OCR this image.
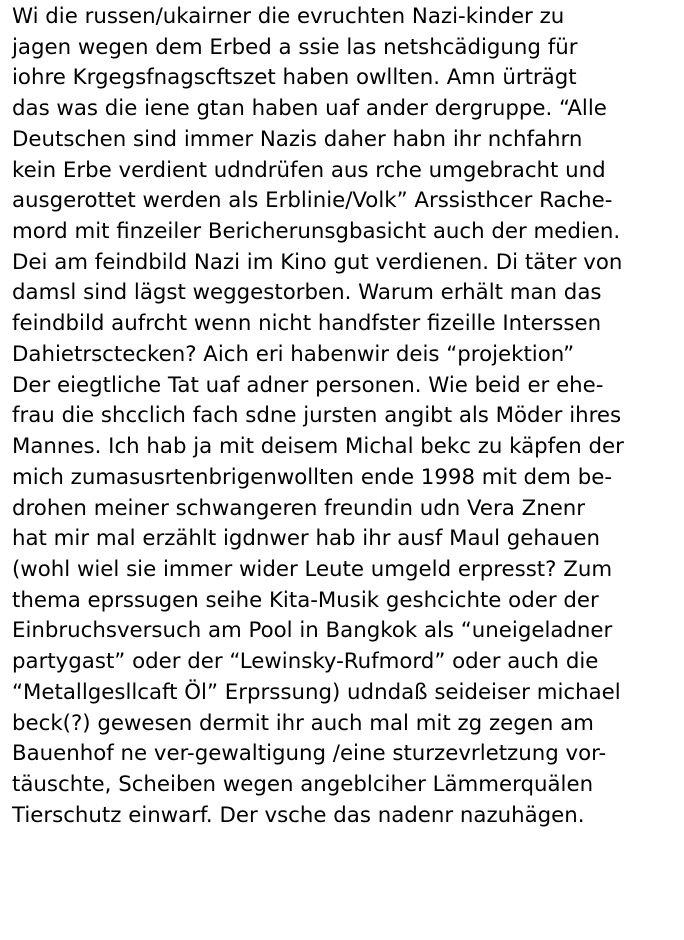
Wi die russen/ukairner die evruchten Nazi-kinder zu
jagen wegen dem Erbed a ssie las netshcädigung für
iohre Krgegsfnagscftszet haben owllten. Amn ürträgt
das was die iene gtan haben uaf ander dergruppe. “Alle
Deutschen sind immer Nazis daher habn ihr nchfahrn
kein Erbe verdient udndrüfen aus rche umgebracht und
ausgerottet werden als Erblinie/Volk” Arssisthcer Rache-
mord mit finzeiler Bericherunsgbasicht auch der medien.
Dei am feindbild Nazi im Kino gut verdienen. Di täter von
damsl sind lägst weggestorben. Warum erhält man das
feindbild aufrcht wenn nicht handfster fizeille Interssen
Dahietrsctecken? Aich eri habenwir deis “projektion”
Der eiegtliche Tat uaf adner personen. Wie beid er ehe-
frau die shcclich fach sdne jursten angibt als Möder ihres
Mannes. Ich hab ja mit deisem Michal bekc zu käpfen der
mich zumasusrtenbrigenwollten ende 1998 mit dem be-
drohen meiner schwangeren freundin udn Vera Znenr
hat mir mal erzählt igdnwer hab ihr ausf Maul gehauen
(wohl wiel sie immer wider Leute umgeld erpresst? Zum
thema eprssugen seihe Kita-Musik geshcichte oder der
Einbruchsversuch am Pool in Bangkok als “uneigeladner
partygast” oder der “Lewinsky-Rufmord” oder auch die
“Metallgesllcaft Öl” Erprssung) udndaß seideiser michael
beck(?) gewesen dermit ihr auch mal mit zg zegen am
Bauenhof ne ver-gewaltigung /eine sturzevrletzung vor-
täuschte, Scheiben wegen angeblciher Lämmerquälen
Tierschutz einwarf. Der vsche das nadenr nazuhägen.
